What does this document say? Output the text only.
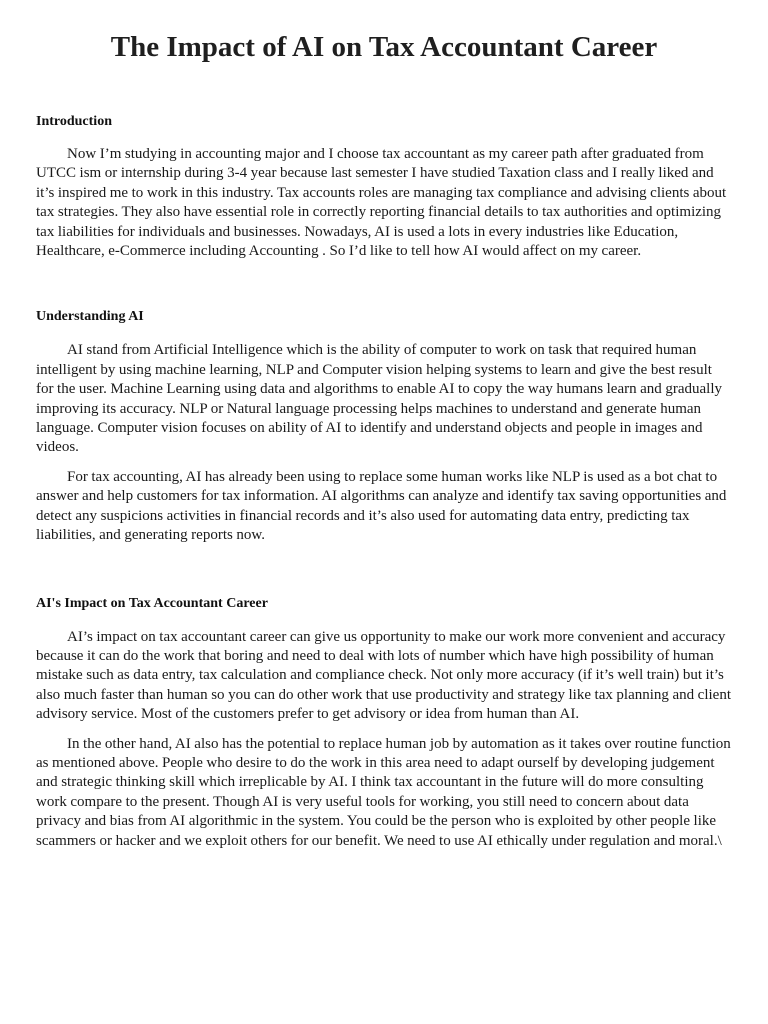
The Impact of AI on Tax Accountant Career
Introduction

Now I’m studying in accounting major and I choose tax accountant as my career path after graduated from UTCC ism or internship during 3-4 year because last semester I have studied Taxation class and I really liked and it’s inspired me to work in this industry. Tax accounts roles are managing tax compliance and advising clients about tax strategies. They also have essential role in correctly reporting financial details to tax authorities and optimizing tax liabilities for individuals and businesses. Nowadays, AI is used a lots in every industries like Education, Healthcare, e-Commerce including Accounting . So I’d like to tell how AI would affect on my career.

Understanding AI

AI stand from Artificial Intelligence which is the ability of computer to work on task that required human intelligent by using machine learning, NLP and Computer vision helping systems to learn and give the best result for the user. Machine Learning using data and algorithms to enable AI to copy the way humans learn and gradually improving its accuracy. NLP or Natural language processing helps machines to understand and generate human language. Computer vision focuses on ability of AI to identify and understand objects and people in images and videos.

For tax accounting, AI has already been using to replace some human works like NLP is used as a bot chat to answer and help customers for tax information. AI algorithms can analyze and identify tax saving opportunities and detect any suspicions activities in financial records and it’s also used for automating data entry, predicting tax liabilities, and generating reports now.

AI's Impact on Tax Accountant Career

AI’s impact on tax accountant career can give us opportunity to make our work more convenient and accuracy because it can do the work that boring and need to deal with lots of number which have high possibility of human mistake such as data entry, tax calculation and compliance check. Not only more accuracy (if it’s well train) but it’s also much faster than human so you can do other work that use productivity and strategy like tax planning and client advisory service. Most of the customers prefer to get advisory or idea from human than AI.

In the other hand, AI also has the potential to replace human job by automation as it takes over routine function as mentioned above. People who desire to do the work in this area need to adapt ourself by developing judgement and strategic thinking skill which irreplicable by AI. I think tax accountant in the future will do more consulting work compare to the present. Though AI is very useful tools for working, you still need to concern about data privacy and bias from AI algorithmic in the system. You could be the person who is exploited by other people like scammers or hacker and we exploit others for our benefit. We need to use AI ethically under regulation and moral.\
